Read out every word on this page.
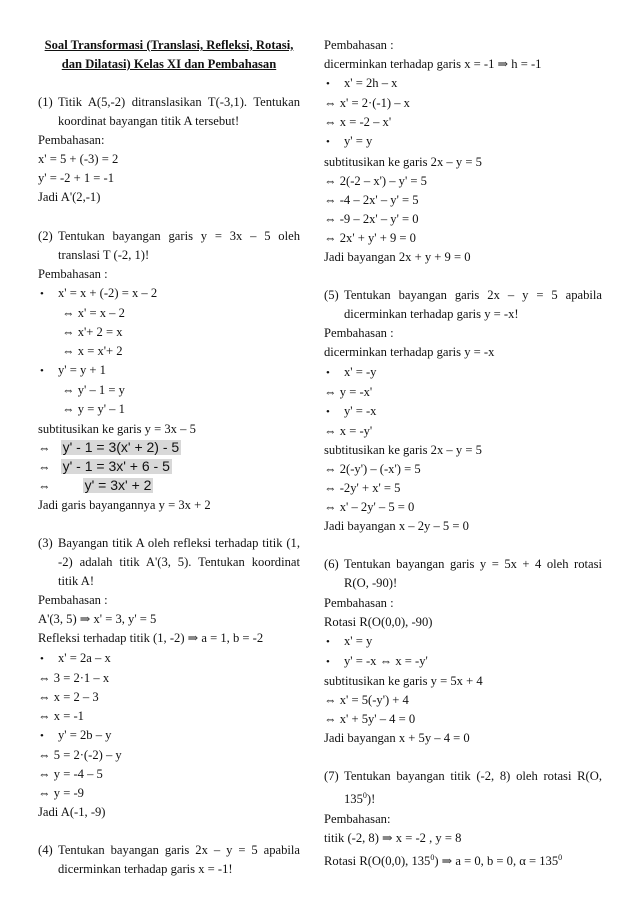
Soal Transformasi (Translasi, Refleksi, Rotasi,
dan Dilatasi) Kelas XI dan Pembahasan
(1) Titik A(5,-2) ditranslasikan T(-3,1). Tentukan koordinat bayangan titik A tersebut!
Pembahasan:
x' = 5 + (-3) = 2
y' = -2 + 1 = -1
Jadi A'(2,-1)
(2) Tentukan bayangan garis y = 3x – 5 oleh translasi T (-2, 1)!
Pembahasan :
• x' = x + (-2) = x – 2
⇔ x' = x – 2
⇔ x'+ 2 = x
⇔ x = x'+ 2
• y' = y + 1
⇔ y' – 1 = y
⇔ y = y' – 1
subtitusikan ke garis y = 3x – 5
⇔ y' - 1 = 3(x' + 2) - 5
⇔ y' - 1 = 3x' + 6 - 5
⇔ y' = 3x' + 2
Jadi garis bayangannya y = 3x + 2
(3) Bayangan titik A oleh refleksi terhadap titik (1, -2) adalah titik A'(3, 5). Tentukan koordinat titik A!
Pembahasan :
A'(3, 5) ⇒ x' = 3, y' = 5
Refleksi terhadap titik (1, -2) ⇒ a = 1, b = -2
• x' = 2a – x
⇔ 3 = 2·1 – x
⇔ x = 2 – 3
⇔ x = -1
• y' = 2b – y
⇔ 5 = 2·(-2) – y
⇔ y = -4 – 5
⇔ y = -9
Jadi A(-1, -9)
(4) Tentukan bayangan garis 2x – y = 5 apabila dicerminkan terhadap garis x = -1!
Pembahasan :
dicerminkan terhadap garis x = -1 ⇒ h = -1
• x' = 2h – x
⇔ x' = 2·(-1) – x
⇔ x = -2 – x'
• y' = y
subtitusikan ke garis 2x – y = 5
⇔ 2(-2 – x') – y' = 5
⇔ -4 – 2x' – y' = 5
⇔ -9 – 2x' – y' = 0
⇔ 2x' + y' + 9 = 0
Jadi bayangan 2x + y + 9 = 0
(5) Tentukan bayangan garis 2x – y = 5 apabila dicerminkan terhadap garis y = -x!
Pembahasan :
dicerminkan terhadap garis y = -x
• x' = -y
⇔ y = -x'
• y' = -x
⇔ x = -y'
subtitusikan ke garis 2x – y = 5
⇔ 2(-y') – (-x') = 5
⇔ -2y' + x' = 5
⇔ x' – 2y' – 5 = 0
Jadi bayangan x – 2y – 5 = 0
(6) Tentukan bayangan garis y = 5x + 4 oleh rotasi R(O, -90)!
Pembahasan :
Rotasi R(O(0,0), -90)
• x' = y
• y' = -x ⇔ x = -y'
subtitusikan ke garis y = 5x + 4
⇔ x' = 5(-y') + 4
⇔ x' + 5y' – 4 = 0
Jadi bayangan x + 5y – 4 = 0
(7) Tentukan bayangan titik (-2, 8) oleh rotasi R(O, $135^0$)!
Pembahasan:
titik (-2, 8) ⇒ x = -2 , y = 8
Rotasi R(O(0,0), $135^0$) ⇒ a = 0, b = 0, $\alpha = 135^0$
